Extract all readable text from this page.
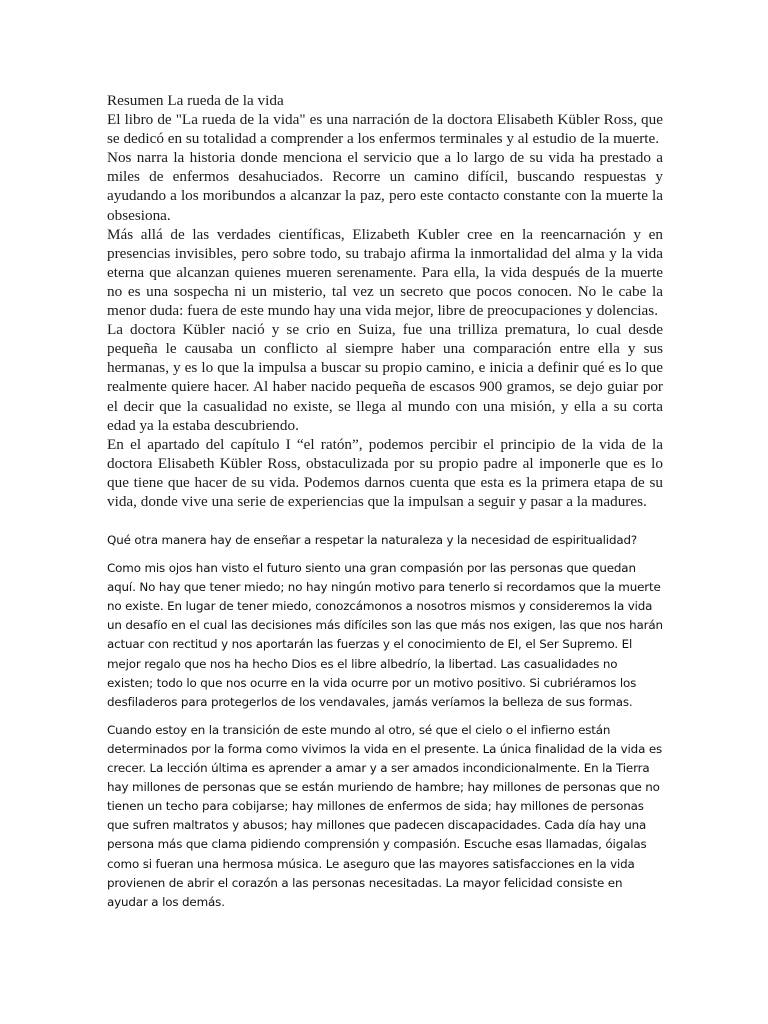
Resumen La rueda de la vida

El libro de "La rueda de la vida" es una narración de la doctora Elisabeth Kübler Ross, que se dedicó en su totalidad a comprender a los enfermos terminales y al estudio de la muerte.

Nos narra la historia donde menciona el servicio que a lo largo de su vida ha prestado a miles de enfermos desahuciados. Recorre un camino difícil, buscando respuestas y ayudando a los moribundos a alcanzar la paz, pero este contacto constante con la muerte la obsesiona.

Más allá de las verdades científicas, Elizabeth Kubler cree en la reencarnación y en presencias invisibles, pero sobre todo, su trabajo afirma la inmortalidad del alma y la vida eterna que alcanzan quienes mueren serenamente. Para ella, la vida después de la muerte no es una sospecha ni un misterio, tal vez un secreto que pocos conocen. No le cabe la menor duda: fuera de este mundo hay una vida mejor, libre de preocupaciones y dolencias.

La doctora Kübler nació y se crio en Suiza, fue una trilliza prematura, lo cual desde pequeña le causaba un conflicto al siempre haber una comparación entre ella y sus hermanas, y es lo que la impulsa a buscar su propio camino, e inicia a definir qué es lo que realmente quiere hacer. Al haber nacido pequeña de escasos 900 gramos, se dejo guiar por el decir que la casualidad no existe, se llega al mundo con una misión, y ella a su corta edad ya la estaba descubriendo.

En el apartado del capítulo I “el ratón”, podemos percibir el principio de la vida de la doctora Elisabeth Kübler Ross, obstaculizada por su propio padre al imponerle que es lo que tiene que hacer de su vida. Podemos darnos cuenta que esta es la primera etapa de su vida, donde vive una serie de experiencias que la impulsan a seguir y pasar a la madures.

Qué otra manera hay de enseñar a respetar la naturaleza y la necesidad de espiritualidad?

Como mis ojos han visto el futuro siento una gran compasión por las personas que quedan aquí. No hay que tener miedo; no hay ningún motivo para tenerlo si recordamos que la muerte no existe. En lugar de tener miedo, conozcámonos a nosotros mismos y consideremos la vida un desafío en el cual las decisiones más difíciles son las que más nos exigen, las que nos harán actuar con rectitud y nos aportarán las fuerzas y el conocimiento de El, el Ser Supremo. El mejor regalo que nos ha hecho Dios es el libre albedrío, la libertad. Las casualidades no existen; todo lo que nos ocurre en la vida ocurre por un motivo positivo. Si cubriéramos los desfiladeros para protegerlos de los vendavales, jamás veríamos la belleza de sus formas.

Cuando estoy en la transición de este mundo al otro, sé que el cielo o el infierno están determinados por la forma como vivimos la vida en el presente. La única finalidad de la vida es crecer. La lección última es aprender a amar y a ser amados incondicionalmente. En la Tierra hay millones de personas que se están muriendo de hambre; hay millones de personas que no tienen un techo para cobijarse; hay millones de enfermos de sida; hay millones de personas que sufren maltratos y abusos; hay millones que padecen discapacidades. Cada día hay una persona más que clama pidiendo comprensión y compasión. Escuche esas llamadas, óigalas como si fueran una hermosa música. Le aseguro que las mayores satisfacciones en la vida provienen de abrir el corazón a las personas necesitadas. La mayor felicidad consiste en ayudar a los demás.
